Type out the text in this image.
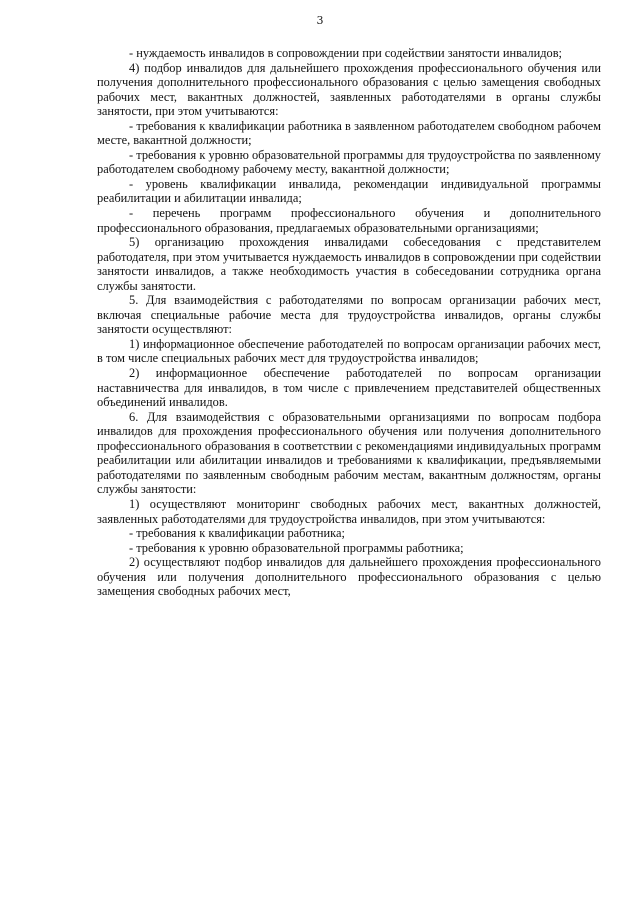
3

- нуждаемость инвалидов в сопровождении при содействии занятости инвалидов;

4) подбор инвалидов для дальнейшего прохождения профессионального обучения или получения дополнительного профессионального образования с целью замещения свободных рабочих мест, вакантных должностей, заявленных работодателями в органы службы занятости, при этом учитываются:

- требования к квалификации работника в заявленном работодателем свободном рабочем месте, вакантной должности;

- требования к уровню образовательной программы для трудоустройства по заявленному работодателем свободному рабочему месту, вакантной должности;

- уровень квалификации инвалида, рекомендации индивидуальной программы реабилитации и абилитации инвалида;

- перечень программ профессионального обучения и дополнительного профессионального образования, предлагаемых образовательными организациями;

5) организацию прохождения инвалидами собеседования с представителем работодателя, при этом учитывается нуждаемость инвалидов в сопровождении при содействии занятости инвалидов, а также необходимость участия в собеседовании сотрудника органа службы занятости.

5. Для взаимодействия с работодателями по вопросам организации рабочих мест, включая специальные рабочие места для трудоустройства инвалидов, органы службы занятости осуществляют:

1) информационное обеспечение работодателей по вопросам организации рабочих мест, в том числе специальных рабочих мест для трудоустройства инвалидов;

2) информационное обеспечение работодателей по вопросам организации наставничества для инвалидов, в том числе с привлечением представителей общественных объединений инвалидов.

6. Для взаимодействия с образовательными организациями по вопросам подбора инвалидов для прохождения профессионального обучения или получения дополнительного профессионального образования в соответствии с рекомендациями индивидуальных программ реабилитации или абилитации инвалидов и требованиями к квалификации, предъявляемыми работодателями по заявленным свободным рабочим местам, вакантным должностям, органы службы занятости:

1) осуществляют мониторинг свободных рабочих мест, вакантных должностей, заявленных работодателями для трудоустройства инвалидов, при этом учитываются:

- требования к квалификации работника;

- требования к уровню образовательной программы работника;

2) осуществляют подбор инвалидов для дальнейшего прохождения профессионального обучения или получения дополнительного профессионального образования с целью замещения свободных рабочих мест,
